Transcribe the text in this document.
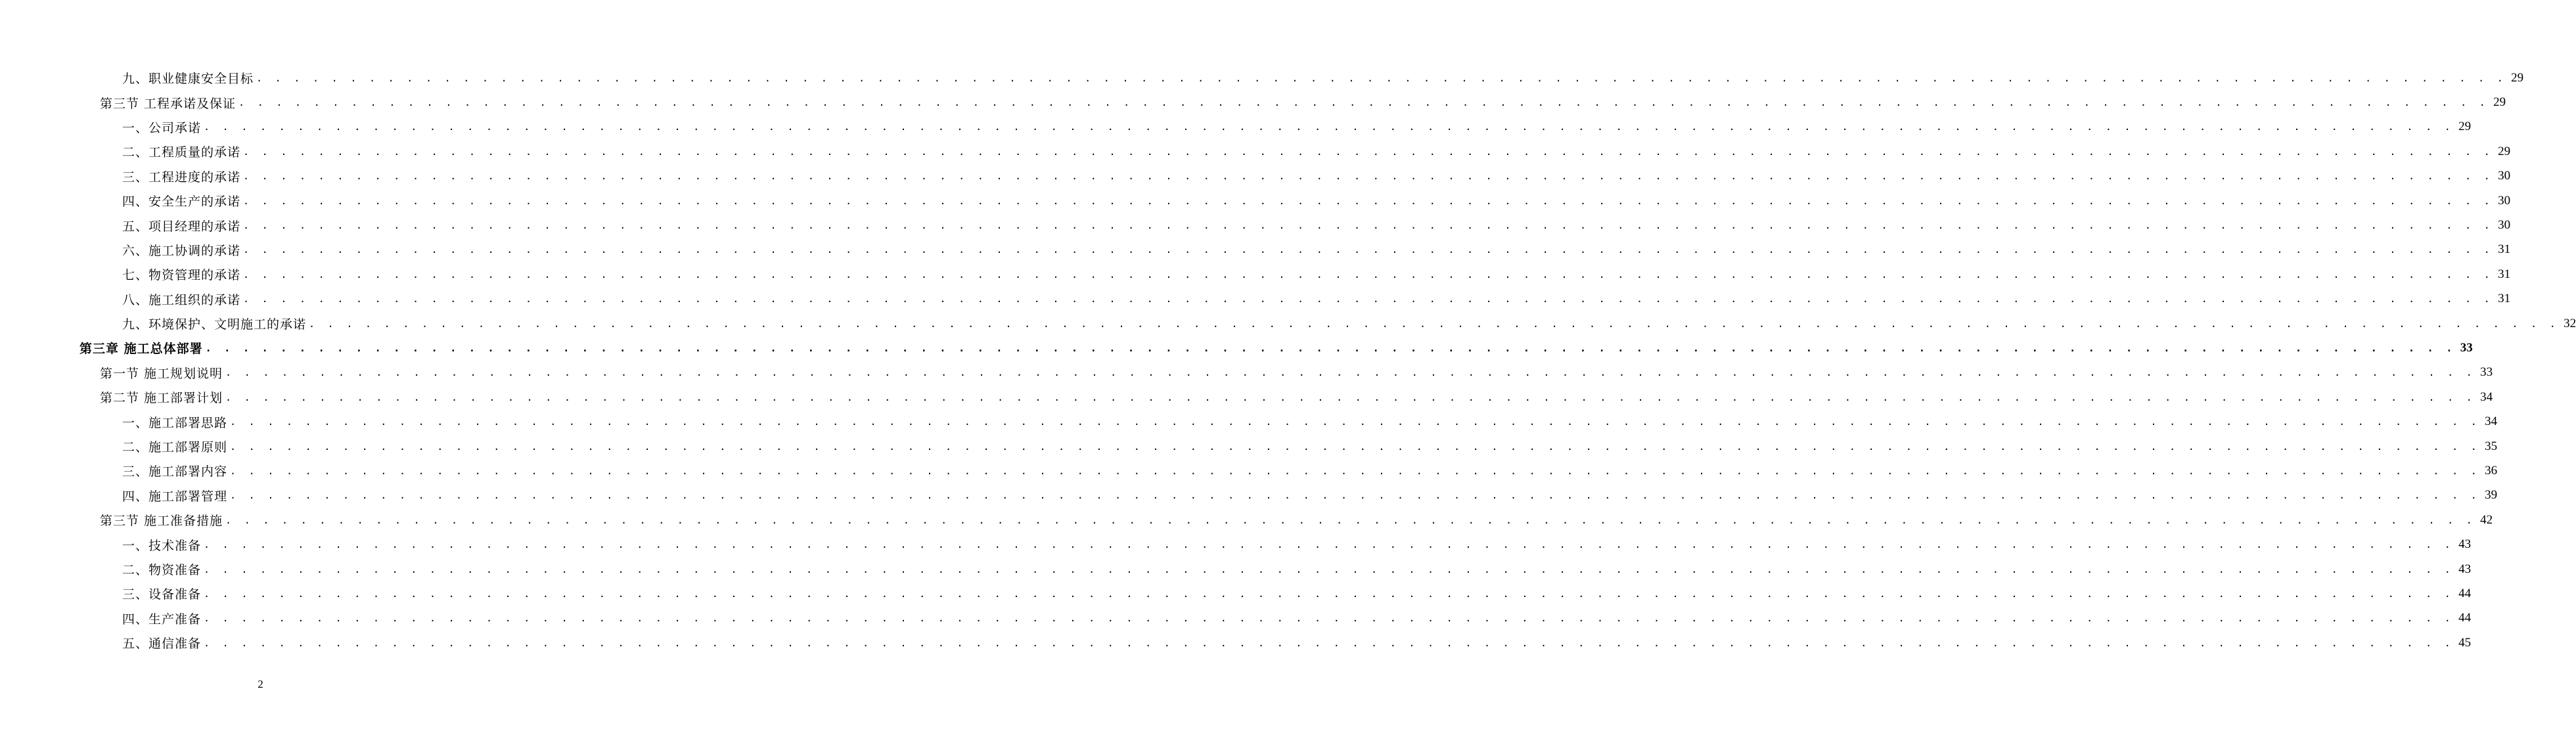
九、职业健康安全目标 . . . . . . . . . . . . . . . . . . . . . . . . . . . . . . . . . . . . . . . . . . . . . . . . . . . . . . . . . . . . . . . . . . . . . . . . . . . . . . . . . . . . . . . . . . . . . . . . . . . . . . . . . . . . . . . . . . . . . . . . 29
第三节 工程承诺及保证 . . . . . . . . . . . . . . . . . . . . . . . . . . . . . . . . . . . . . . . . . . . . . . . . . . . . . . . . . . . . . . . . . . . . . . . . . . . . . . . . . . . . . . . . . . . . . . . . . . . . . . . . . . . . . . . . . . . . . . . . 29
一、公司承诺 . . . . . . . . . . . . . . . . . . . . . . . . . . . . . . . . . . . . . . . . . . . . . . . . . . . . . . . . . . . . . . . . . . . . . . . . . . . . . . . . . . . . . . . . . . . . . . . . . . . . . . . . . . . . . . . . . . . . . . . . 29
二、工程质量的承诺 . . . . . . . . . . . . . . . . . . . . . . . . . . . . . . . . . . . . . . . . . . . . . . . . . . . . . . . . . . . . . . . . . . . . . . . . . . . . . . . . . . . . . . . . . . . . . . . . . . . . . . . . . . . . . . . . . . . . . . . . 29
三、工程进度的承诺 . . . . . . . . . . . . . . . . . . . . . . . . . . . . . . . . . . . . . . . . . . . . . . . . . . . . . . . . . . . . . . . . . . . . . . . . . . . . . . . . . . . . . . . . . . . . . . . . . . . . . . . . . . . . . . . . . . . . . . . . 30
四、安全生产的承诺 . . . . . . . . . . . . . . . . . . . . . . . . . . . . . . . . . . . . . . . . . . . . . . . . . . . . . . . . . . . . . . . . . . . . . . . . . . . . . . . . . . . . . . . . . . . . . . . . . . . . . . . . . . . . . . . . . . . . . . . . 30
五、项目经理的承诺 . . . . . . . . . . . . . . . . . . . . . . . . . . . . . . . . . . . . . . . . . . . . . . . . . . . . . . . . . . . . . . . . . . . . . . . . . . . . . . . . . . . . . . . . . . . . . . . . . . . . . . . . . . . . . . . . . . . . . . . . 30
六、施工协调的承诺 . . . . . . . . . . . . . . . . . . . . . . . . . . . . . . . . . . . . . . . . . . . . . . . . . . . . . . . . . . . . . . . . . . . . . . . . . . . . . . . . . . . . . . . . . . . . . . . . . . . . . . . . . . . . . . . . . . . . . . . . 31
七、物资管理的承诺 . . . . . . . . . . . . . . . . . . . . . . . . . . . . . . . . . . . . . . . . . . . . . . . . . . . . . . . . . . . . . . . . . . . . . . . . . . . . . . . . . . . . . . . . . . . . . . . . . . . . . . . . . . . . . . . . . . . . . . . . 31
八、施工组织的承诺 . . . . . . . . . . . . . . . . . . . . . . . . . . . . . . . . . . . . . . . . . . . . . . . . . . . . . . . . . . . . . . . . . . . . . . . . . . . . . . . . . . . . . . . . . . . . . . . . . . . . . . . . . . . . . . . . . . . . . . . . 31
九、环境保护、文明施工的承诺 . . . . . . . . . . . . . . . . . . . . . . . . . . . . . . . . . . . . . . . . . . . . . . . . . . . . . . . . . . . . . . . . . . . . . . . . . . . . . . . . . . . . . . . . . . . . . . . . . . . . . . . . . . . . . . . . . . . . . . . . 32
第三章 施工总体部署 . . . . . . . . . . . . . . . . . . . . . . . . . . . . . . . . . . . . . . . . . . . . . . . . . . . . . . . . . . . . . . . . . . . . . . . . . . . . . . . . . . . . . . . . . . . . . . . . . . . . . . . . . . . . . . . . . . . . . . . . 33
第一节 施工规划说明 . . . . . . . . . . . . . . . . . . . . . . . . . . . . . . . . . . . . . . . . . . . . . . . . . . . . . . . . . . . . . . . . . . . . . . . . . . . . . . . . . . . . . . . . . . . . . . . . . . . . . . . . . . . . . . . . . . . . . . . . 33
第二节 施工部署计划 . . . . . . . . . . . . . . . . . . . . . . . . . . . . . . . . . . . . . . . . . . . . . . . . . . . . . . . . . . . . . . . . . . . . . . . . . . . . . . . . . . . . . . . . . . . . . . . . . . . . . . . . . . . . . . . . . . . . . . . . 34
一、施工部署思路 . . . . . . . . . . . . . . . . . . . . . . . . . . . . . . . . . . . . . . . . . . . . . . . . . . . . . . . . . . . . . . . . . . . . . . . . . . . . . . . . . . . . . . . . . . . . . . . . . . . . . . . . . . . . . . . . . . . . . . . . 34
二、施工部署原则 . . . . . . . . . . . . . . . . . . . . . . . . . . . . . . . . . . . . . . . . . . . . . . . . . . . . . . . . . . . . . . . . . . . . . . . . . . . . . . . . . . . . . . . . . . . . . . . . . . . . . . . . . . . . . . . . . . . . . . . . 35
三、施工部署内容 . . . . . . . . . . . . . . . . . . . . . . . . . . . . . . . . . . . . . . . . . . . . . . . . . . . . . . . . . . . . . . . . . . . . . . . . . . . . . . . . . . . . . . . . . . . . . . . . . . . . . . . . . . . . . . . . . . . . . . . . 36
四、施工部署管理 . . . . . . . . . . . . . . . . . . . . . . . . . . . . . . . . . . . . . . . . . . . . . . . . . . . . . . . . . . . . . . . . . . . . . . . . . . . . . . . . . . . . . . . . . . . . . . . . . . . . . . . . . . . . . . . . . . . . . . . . 39
第三节 施工准备措施 . . . . . . . . . . . . . . . . . . . . . . . . . . . . . . . . . . . . . . . . . . . . . . . . . . . . . . . . . . . . . . . . . . . . . . . . . . . . . . . . . . . . . . . . . . . . . . . . . . . . . . . . . . . . . . . . . . . . . . . . 42
一、技术准备 . . . . . . . . . . . . . . . . . . . . . . . . . . . . . . . . . . . . . . . . . . . . . . . . . . . . . . . . . . . . . . . . . . . . . . . . . . . . . . . . . . . . . . . . . . . . . . . . . . . . . . . . . . . . . . . . . . . . . . . . 43
二、物资准备 . . . . . . . . . . . . . . . . . . . . . . . . . . . . . . . . . . . . . . . . . . . . . . . . . . . . . . . . . . . . . . . . . . . . . . . . . . . . . . . . . . . . . . . . . . . . . . . . . . . . . . . . . . . . . . . . . . . . . . . . 43
三、设备准备 . . . . . . . . . . . . . . . . . . . . . . . . . . . . . . . . . . . . . . . . . . . . . . . . . . . . . . . . . . . . . . . . . . . . . . . . . . . . . . . . . . . . . . . . . . . . . . . . . . . . . . . . . . . . . . . . . . . . . . . . 44
四、生产准备 . . . . . . . . . . . . . . . . . . . . . . . . . . . . . . . . . . . . . . . . . . . . . . . . . . . . . . . . . . . . . . . . . . . . . . . . . . . . . . . . . . . . . . . . . . . . . . . . . . . . . . . . . . . . . . . . . . . . . . . . 44
五、通信准备 . . . . . . . . . . . . . . . . . . . . . . . . . . . . . . . . . . . . . . . . . . . . . . . . . . . . . . . . . . . . . . . . . . . . . . . . . . . . . . . . . . . . . . . . . . . . . . . . . . . . . . . . . . . . . . . . . . . . . . . . 45
2
